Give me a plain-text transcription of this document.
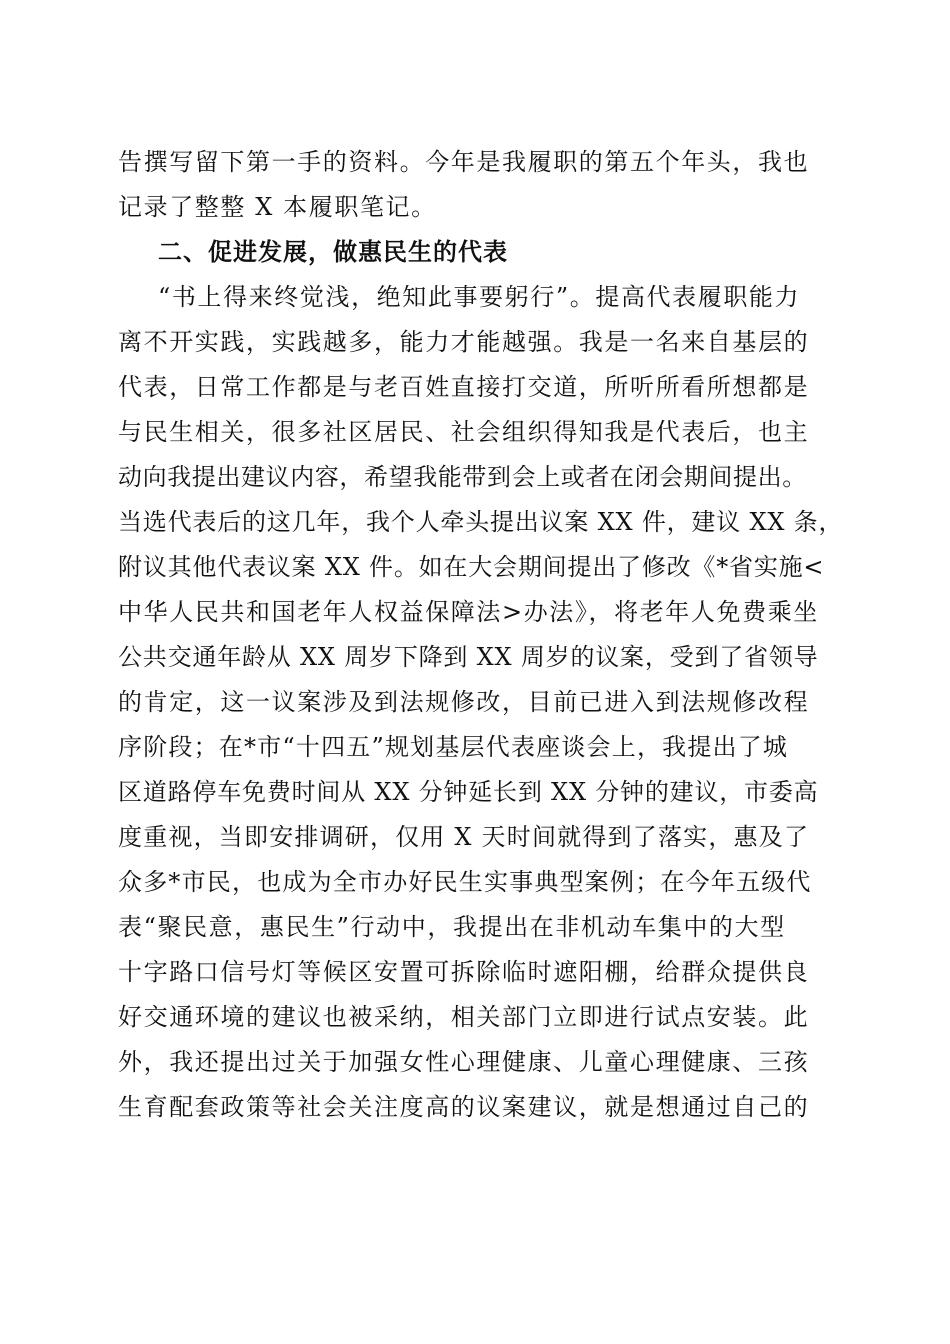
告撰写留下第一手的资料。今年是我履职的第五个年头，我也
记录了整整 X 本履职笔记。
二、促进发展，做惠民生的代表
“书上得来终觉浅，绝知此事要躬行”。提高代表履职能力
离不开实践，实践越多，能力才能越强。我是一名来自基层的
代表，日常工作都是与老百姓直接打交道，所听所看所想都是
与民生相关，很多社区居民、社会组织得知我是代表后，也主
动向我提出建议内容，希望我能带到会上或者在闭会期间提出。
当选代表后的这几年，我个人牵头提出议案 XX 件，建议 XX 条，
附议其他代表议案 XX 件。如在大会期间提出了修改《*省实施<
中华人民共和国老年人权益保障法>办法》，将老年人免费乘坐
公共交通年龄从 XX 周岁下降到 XX 周岁的议案，受到了省领导
的肯定，这一议案涉及到法规修改，目前已进入到法规修改程
序阶段；在*市“十四五”规划基层代表座谈会上，我提出了城
区道路停车免费时间从 XX 分钟延长到 XX 分钟的建议，市委高
度重视，当即安排调研，仅用 X 天时间就得到了落实，惠及了
众多*市民，也成为全市办好民生实事典型案例；在今年五级代
表“聚民意，惠民生”行动中，我提出在非机动车集中的大型
十字路口信号灯等候区安置可拆除临时遮阳棚，给群众提供良
好交通环境的建议也被采纳，相关部门立即进行试点安装。此
外，我还提出过关于加强女性心理健康、儿童心理健康、三孩
生育配套政策等社会关注度高的议案建议，就是想通过自己的
